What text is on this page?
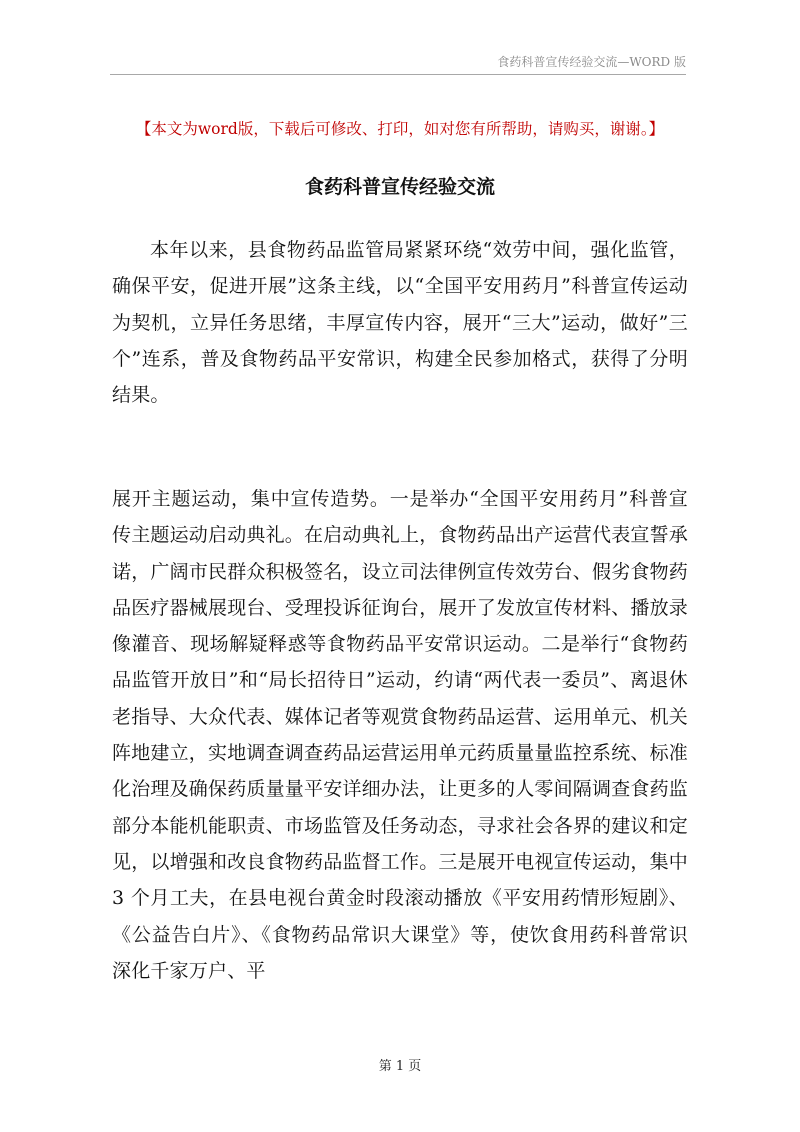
食药科普宣传经验交流—WORD 版
【本文为word版，下载后可修改、打印，如对您有所帮助，请购买，谢谢。】
食药科普宣传经验交流

本年以来，县食物药品监管局紧紧环绕“效劳中间，强化监管，确保平安，促进开展”这条主线，以“全国平安用药月”科普宣传运动为契机，立异任务思绪，丰厚宣传内容，展开“三大”运动，做好”三个”连系，普及食物药品平安常识，构建全民参加格式，获得了分明结果。

展开主题运动，集中宣传造势。一是举办“全国平安用药月”科普宣传主题运动启动典礼。在启动典礼上，食物药品出产运营代表宣誓承诺，广阔市民群众积极签名，设立司法律例宣传效劳台、假劣食物药品医疗器械展现台、受理投诉征询台，展开了发放宣传材料、播放录像灌音、现场解疑释惑等食物药品平安常识运动。二是举行“食物药品监管开放日”和“局长招待日”运动，约请“两代表一委员”、离退休老指导、大众代表、媒体记者等观赏食物药品运营、运用单元、机关阵地建立，实地调查调查药品运营运用单元药质量量监控系统、标准化治理及确保药质量量平安详细办法，让更多的人零间隔调查食药监部分本能机能职责、市场监管及任务动态，寻求社会各界的建议和定见，以增强和改良食物药品监督工作。三是展开电视宣传运动，集中 3 个月工夫，在县电视台黄金时段滚动播放《平安用药情形短剧》、《公益告白片》、《食物药品常识大课堂》等，使饮食用药科普常识深化千家万户、平

第 1 页
